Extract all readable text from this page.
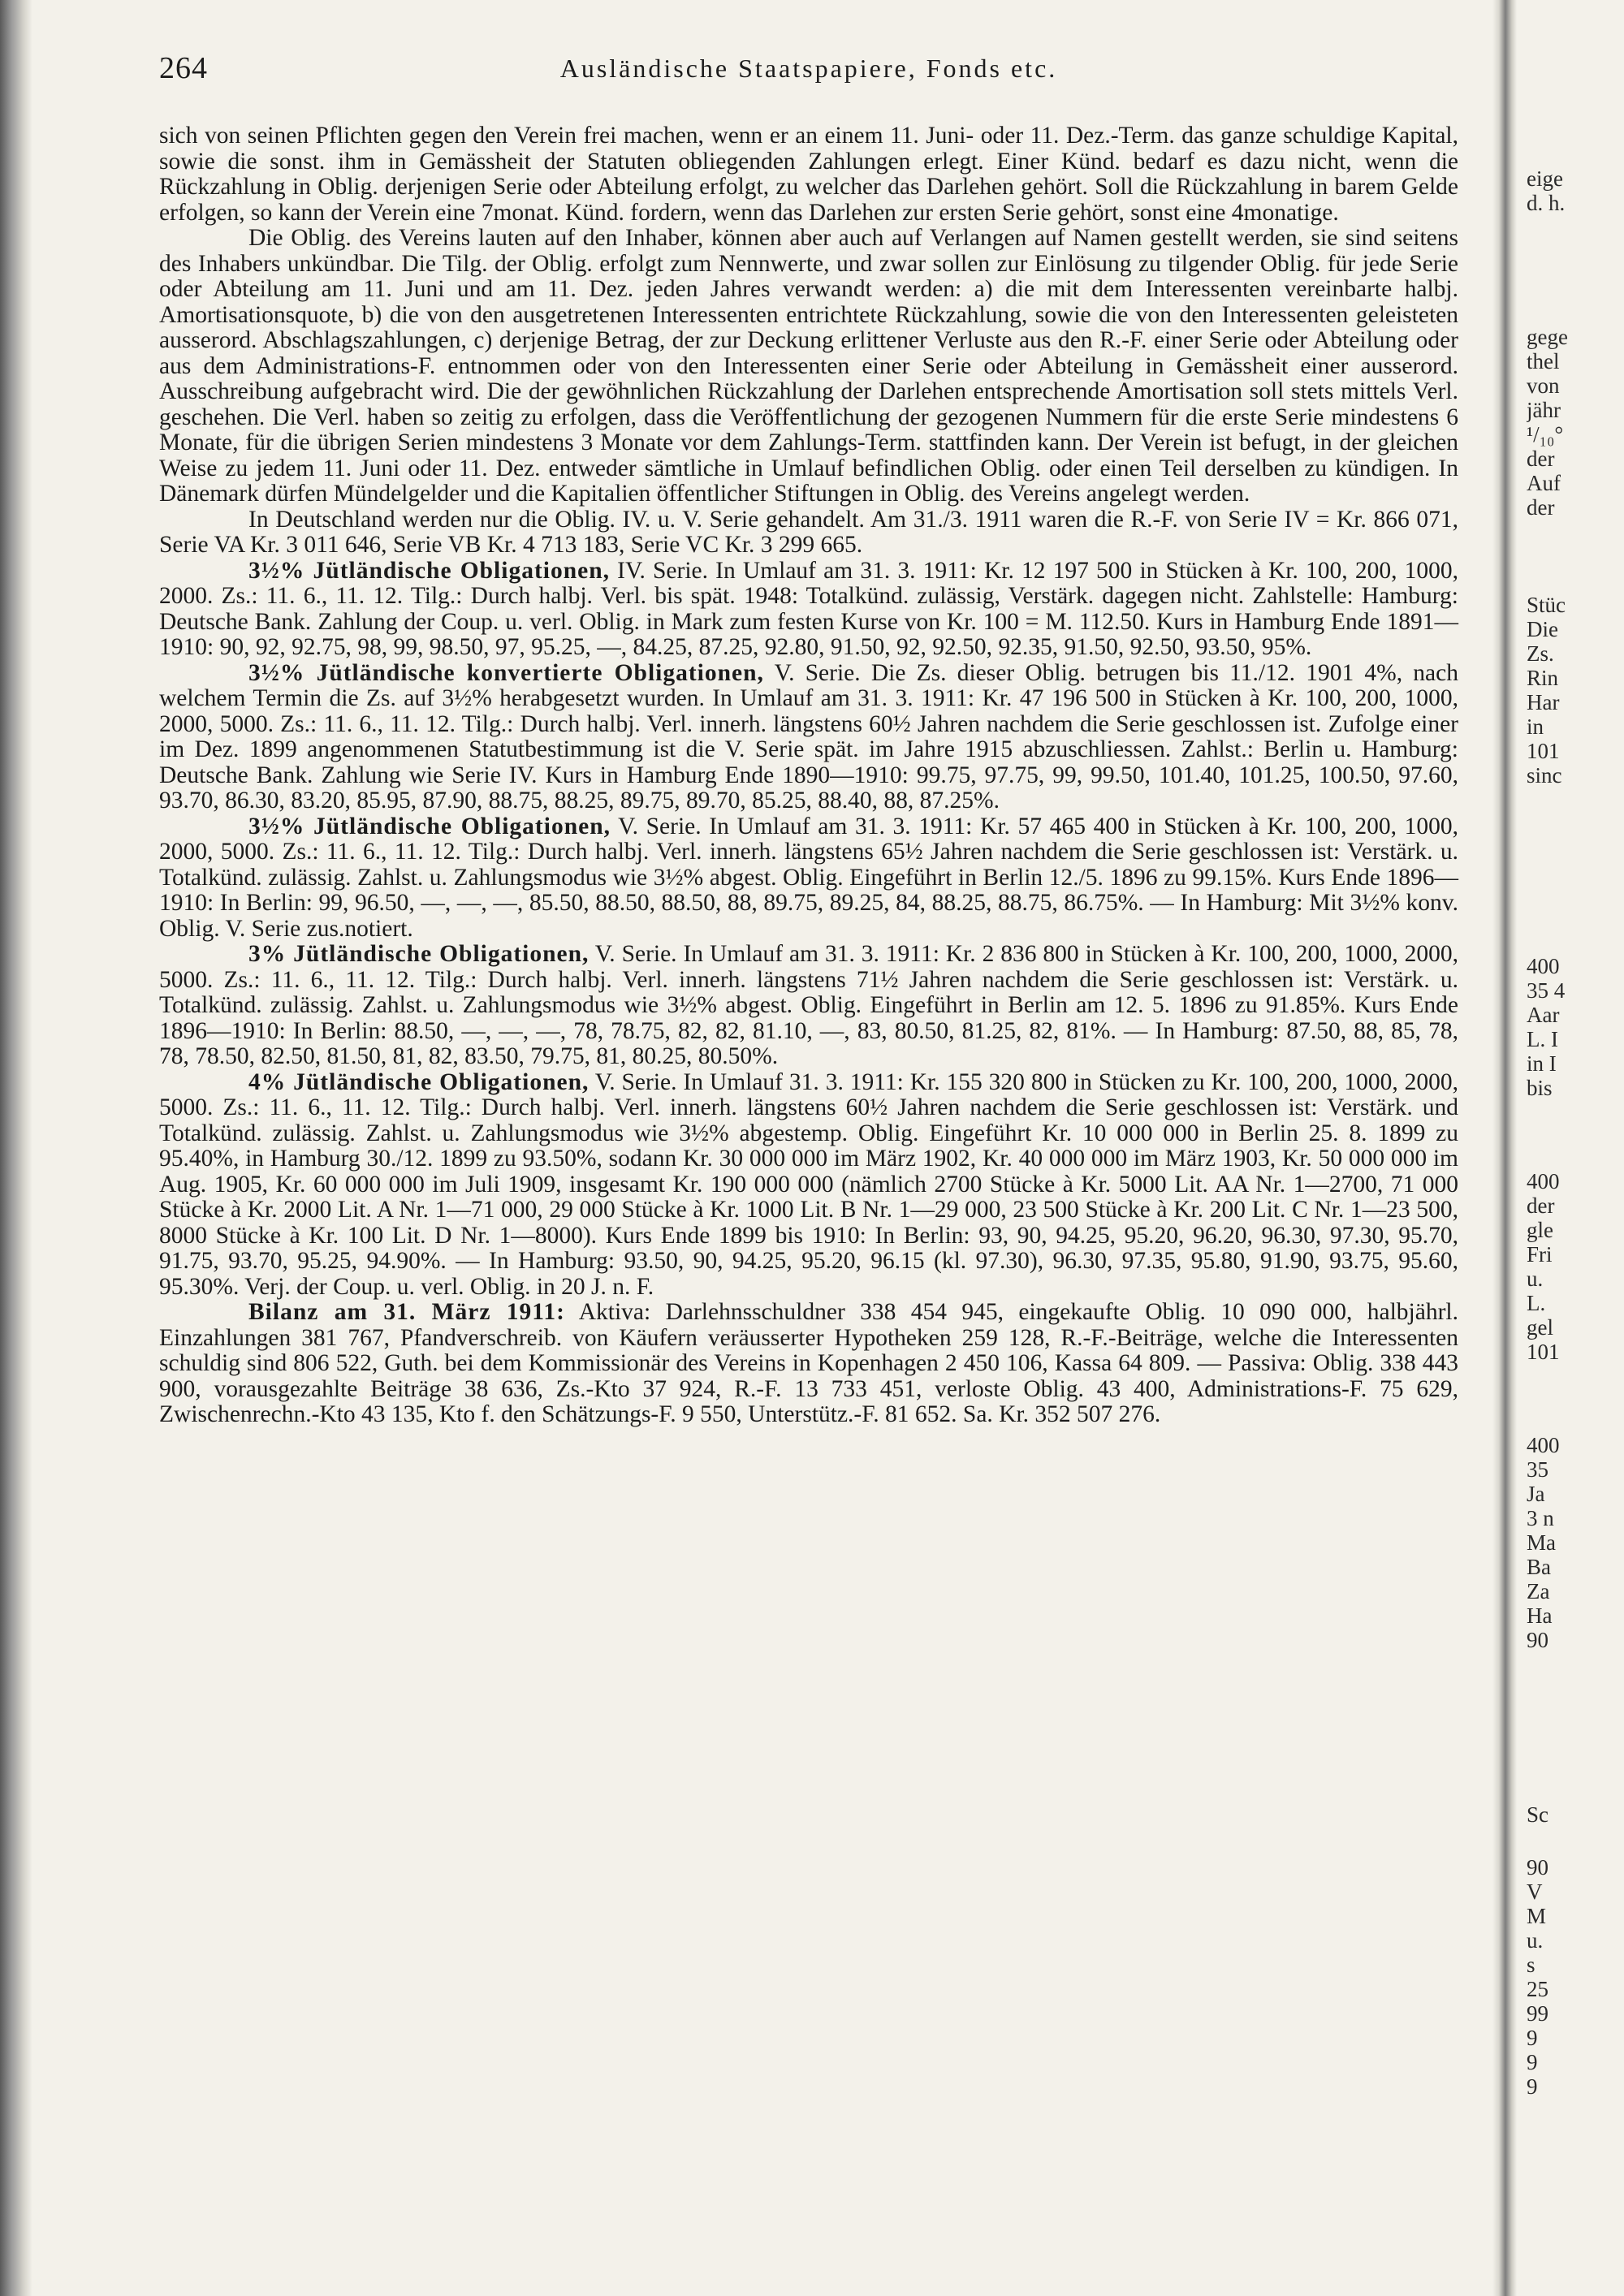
264	Ausländische Staatspapiere, Fonds etc.

sich von seinen Pflichten gegen den Verein frei machen, wenn er an einem 11. Juni- oder 11. Dez.-Term. das ganze schuldige Kapital, sowie die sonst. ihm in Gemässheit der Statuten obliegenden Zahlungen erlegt. Einer Künd. bedarf es dazu nicht, wenn die Rückzahlung in Oblig. derjenigen Serie oder Abteilung erfolgt, zu welcher das Darlehen gehört. Soll die Rückzahlung in barem Gelde erfolgen, so kann der Verein eine 7monat. Künd. fordern, wenn das Darlehen zur ersten Serie gehört, sonst eine 4monatige.

Die Oblig. des Vereins lauten auf den Inhaber, können aber auch auf Verlangen auf Namen gestellt werden, sie sind seitens des Inhabers unkündbar. Die Tilg. der Oblig. erfolgt zum Nennwerte, und zwar sollen zur Einlösung zu tilgender Oblig. für jede Serie oder Abteilung am 11. Juni und am 11. Dez. jeden Jahres verwandt werden: a) die mit dem Interessenten vereinbarte halbj. Amortisationsquote, b) die von den ausgetretenen Interessenten entrichtete Rückzahlung, sowie die von den Interessenten geleisteten ausserord. Abschlagszahlungen, c) derjenige Betrag, der zur Deckung erlittener Verluste aus den R.-F. einer Serie oder Abteilung oder aus dem Administrations-F. entnommen oder von den Interessenten einer Serie oder Abteilung in Gemässheit einer ausserord. Ausschreibung aufgebracht wird. Die der gewöhnlichen Rückzahlung der Darlehen entsprechende Amortisation soll stets mittels Verl. geschehen. Die Verl. haben so zeitig zu erfolgen, dass die Veröffentlichung der gezogenen Nummern für die erste Serie mindestens 6 Monate, für die übrigen Serien mindestens 3 Monate vor dem Zahlungs-Term. stattfinden kann. Der Verein ist befugt, in der gleichen Weise zu jedem 11. Juni oder 11. Dez. entweder sämtliche in Umlauf befindlichen Oblig. oder einen Teil derselben zu kündigen. In Dänemark dürfen Mündelgelder und die Kapitalien öffentlicher Stiftungen in Oblig. des Vereins angelegt werden.

In Deutschland werden nur die Oblig. IV. u. V. Serie gehandelt. Am 31./3. 1911 waren die R.-F. von Serie IV = Kr. 866 071, Serie VA Kr. 3 011 646, Serie VB Kr. 4 713 183, Serie VC Kr. 3 299 665.

3½% Jütländische Obligationen, IV. Serie. In Umlauf am 31. 3. 1911: Kr. 12 197 500 in Stücken à Kr. 100, 200, 1000, 2000. Zs.: 11. 6., 11. 12. Tilg.: Durch halbj. Verl. bis spät. 1948: Totalkünd. zulässig, Verstärk. dagegen nicht. Zahlstelle: Hamburg: Deutsche Bank. Zahlung der Coup. u. verl. Oblig. in Mark zum festen Kurse von Kr. 100 = M. 112.50. Kurs in Hamburg Ende 1891—1910: 90, 92, 92.75, 98, 99, 98.50, 97, 95.25, —, 84.25, 87.25, 92.80, 91.50, 92, 92.50, 92.35, 91.50, 92.50, 93.50, 95%.

3½% Jütländische konvertierte Obligationen, V. Serie. Die Zs. dieser Oblig. betrugen bis 11./12. 1901 4%, nach welchem Termin die Zs. auf 3½% herabgesetzt wurden. In Umlauf am 31. 3. 1911: Kr. 47 196 500 in Stücken à Kr. 100, 200, 1000, 2000, 5000. Zs.: 11. 6., 11. 12. Tilg.: Durch halbj. Verl. innerh. längstens 60½ Jahren nachdem die Serie geschlossen ist. Zufolge einer im Dez. 1899 angenommenen Statutbestimmung ist die V. Serie spät. im Jahre 1915 abzuschliessen. Zahlst.: Berlin u. Hamburg: Deutsche Bank. Zahlung wie Serie IV. Kurs in Hamburg Ende 1890—1910: 99.75, 97.75, 99, 99.50, 101.40, 101.25, 100.50, 97.60, 93.70, 86.30, 83.20, 85.95, 87.90, 88.75, 88.25, 89.75, 89.70, 85.25, 88.40, 88, 87.25%.

3½% Jütländische Obligationen, V. Serie. In Umlauf am 31. 3. 1911: Kr. 57 465 400 in Stücken à Kr. 100, 200, 1000, 2000, 5000. Zs.: 11. 6., 11. 12. Tilg.: Durch halbj. Verl. innerh. längstens 65½ Jahren nachdem die Serie geschlossen ist: Verstärk. u. Totalkünd. zulässig. Zahlst. u. Zahlungsmodus wie 3½% abgest. Oblig. Eingeführt in Berlin 12./5. 1896 zu 99.15%. Kurs Ende 1896—1910: In Berlin: 99, 96.50, —, —, —, 85.50, 88.50, 88.50, 88, 89.75, 89.25, 84, 88.25, 88.75, 86.75%. — In Hamburg: Mit 3½% konv. Oblig. V. Serie zus.notiert.

3% Jütländische Obligationen, V. Serie. In Umlauf am 31. 3. 1911: Kr. 2 836 800 in Stücken à Kr. 100, 200, 1000, 2000, 5000. Zs.: 11. 6., 11. 12. Tilg.: Durch halbj. Verl. innerh. längstens 71½ Jahren nachdem die Serie geschlossen ist: Verstärk. u. Totalkünd. zulässig. Zahlst. u. Zahlungsmodus wie 3½% abgest. Oblig. Eingeführt in Berlin am 12. 5. 1896 zu 91.85%. Kurs Ende 1896—1910: In Berlin: 88.50, —, —, —, 78, 78.75, 82, 82, 81.10, —, 83, 80.50, 81.25, 82, 81%. — In Hamburg: 87.50, 88, 85, 78, 78, 78.50, 82.50, 81.50, 81, 82, 83.50, 79.75, 81, 80.25, 80.50%.

4% Jütländische Obligationen, V. Serie. In Umlauf 31. 3. 1911: Kr. 155 320 800 in Stücken zu Kr. 100, 200, 1000, 2000, 5000. Zs.: 11. 6., 11. 12. Tilg.: Durch halbj. Verl. innerh. längstens 60½ Jahren nachdem die Serie geschlossen ist: Verstärk. und Totalkünd. zulässig. Zahlst. u. Zahlungsmodus wie 3½% abgestemp. Oblig. Eingeführt Kr. 10 000 000 in Berlin 25. 8. 1899 zu 95.40%, in Hamburg 30./12. 1899 zu 93.50%, sodann Kr. 30 000 000 im März 1902, Kr. 40 000 000 im März 1903, Kr. 50 000 000 im Aug. 1905, Kr. 60 000 000 im Juli 1909, insgesamt Kr. 190 000 000 (nämlich 2700 Stücke à Kr. 5000 Lit. AA Nr. 1—2700, 71 000 Stücke à Kr. 2000 Lit. A Nr. 1—71 000, 29 000 Stücke à Kr. 1000 Lit. B Nr. 1—29 000, 23 500 Stücke à Kr. 200 Lit. C Nr. 1—23 500, 8000 Stücke à Kr. 100 Lit. D Nr. 1—8000). Kurs Ende 1899 bis 1910: In Berlin: 93, 90, 94.25, 95.20, 96.20, 96.30, 97.30, 95.70, 91.75, 93.70, 95.25, 94.90%. — In Hamburg: 93.50, 90, 94.25, 95.20, 96.15 (kl. 97.30), 96.30, 97.35, 95.80, 91.90, 93.75, 95.60, 95.30%. Verj. der Coup. u. verl. Oblig. in 20 J. n. F.

Bilanz am 31. März 1911: Aktiva: Darlehnsschuldner 338 454 945, eingekaufte Oblig. 10 090 000, halbjährl. Einzahlungen 381 767, Pfandverschreib. von Käufern veräusserter Hypotheken 259 128, R.-F.-Beiträge, welche die Interessenten schuldig sind 806 522, Guth. bei dem Kommissionär des Vereins in Kopenhagen 2 450 106, Kassa 64 809. — Passiva: Oblig. 338 443 900, vorausgezahlte Beiträge 38 636, Zs.-Kto 37 924, R.-F. 13 733 451, verloste Oblig. 43 400, Administrations-F. 75 629, Zwischenrechn.-Kto 43 135, Kto f. den Schätzungs-F. 9 550, Unterstütz.-F. 81 652. Sa. Kr. 352 507 276.

eige
d. h.
gege
thel
von
jähr
¹/₁₀°
der
Auf
der
Stüc
Die
Zs.
Rin
Har
in
101
sinc
400
35 4
Aar
L. I
in I
bis
400
der
gle
Fri
u.
L.
gel
101
400
35
Ja
3 n
Ma
Ba
Za
Ha
90
Sc
90
V
M
u.
s
25
99
9
9
9
